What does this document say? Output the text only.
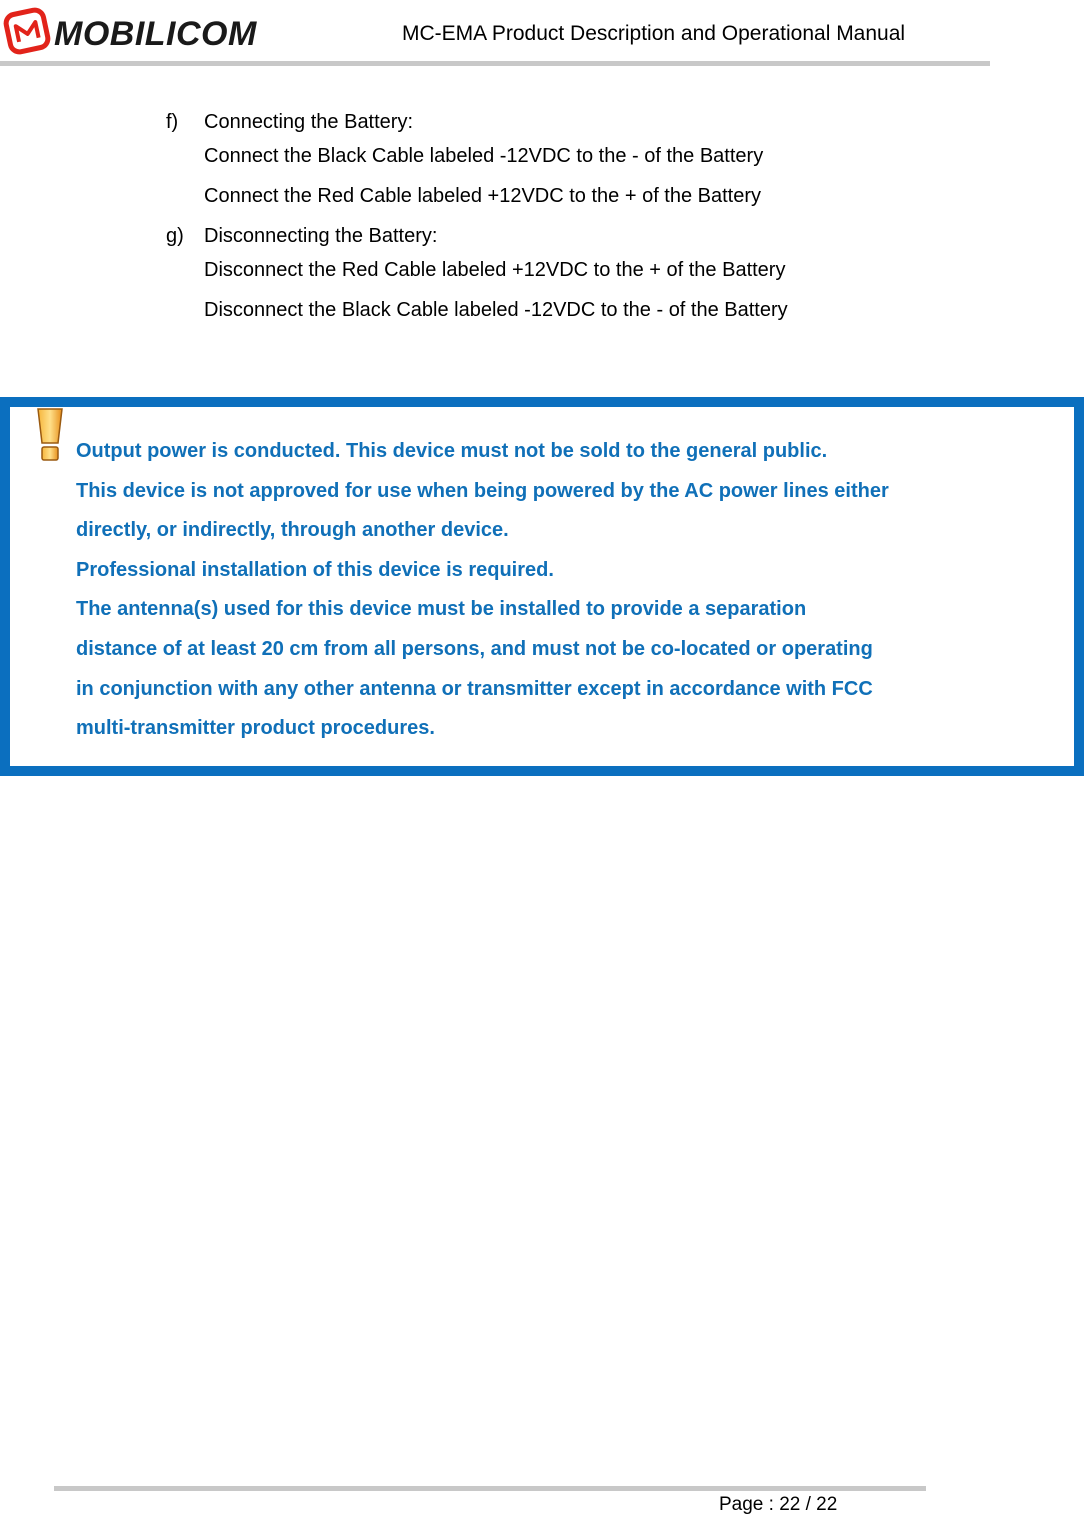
MOBILICOM	MC-EMA Product Description and Operational Manual
f)	Connecting the Battery:
Connect the Black Cable labeled -12VDC to the - of the Battery
Connect the Red Cable labeled +12VDC to the + of the Battery
g)	Disconnecting the Battery:
Disconnect the Red Cable labeled +12VDC to the + of the Battery
Disconnect the Black Cable labeled -12VDC to the - of the Battery
Output power is conducted. This device must not be sold to the general public.
This device is not approved for use when being powered by the AC power lines either
directly, or indirectly, through another device.
Professional installation of this device is required.
The antenna(s) used for this device must be installed to provide a separation
distance of at least 20 cm from all persons, and must not be co-located or operating
in conjunction with any other antenna or transmitter except in accordance with FCC
multi-transmitter product procedures.
Page : 22 / 22
